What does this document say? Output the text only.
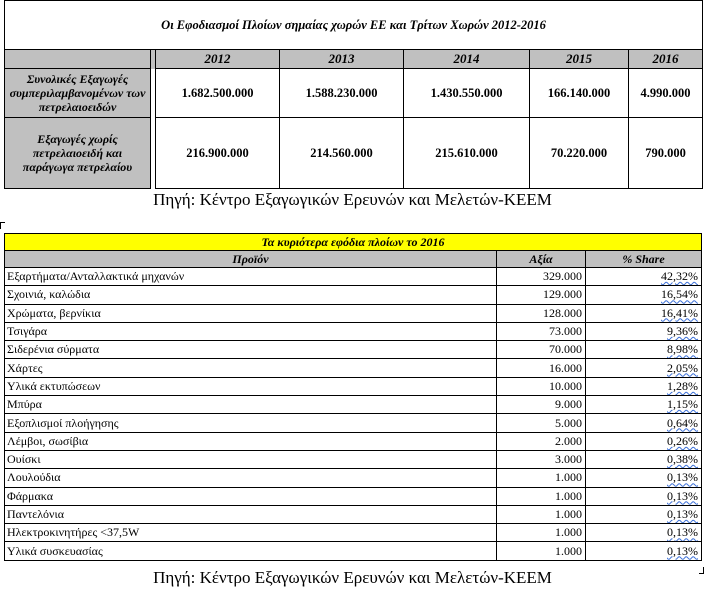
Οι Εφοδιασμοί Πλοίων σημαίας χωρών ΕΕ και Τρίτων Χωρών 2012-2016						
		2012	2013	2014	2015	2016
Συνολικές Εξαγωγές συμπεριλαμβανομένων των πετρελαιοειδών		1.682.500.000	1.588.230.000	1.430.550.000	166.140.000	4.990.000
Εξαγωγές χωρίς πετρελαιοειδή και παράγωγα πετρελαίου		216.900.000	214.560.000	215.610.000	70.220.000	790.000
Πηγή: Κέντρο Εξαγωγικών Ερευνών και Μελετών-ΚΕΕΜ
Τα κυριότερα εφόδια πλοίων το 2016		
Προϊόν	Αξία	% Share
Εξαρτήματα/Ανταλλακτικά μηχανών	329.000	42,32%
Σχοινιά, καλώδια	129.000	16,54%
Χρώματα, βερνίκια	128.000	16,41%
Τσιγάρα	73.000	9,36%
Σιδερένια σύρματα	70.000	8,98%
Χάρτες	16.000	2,05%
Υλικά εκτυπώσεων	10.000	1,28%
Μπύρα	9.000	1,15%
Εξοπλισμοί πλοήγησης	5.000	0,64%
Λέμβοι, σωσίβια	2.000	0,26%
Ουίσκι	3.000	0,38%
Λουλούδια	1.000	0,13%
Φάρμακα	1.000	0,13%
Παντελόνια	1.000	0,13%
Ηλεκτροκινητήρες <37,5W	1.000	0,13%
Υλικά συσκευασίας	1.000	0,13%
Πηγή: Κέντρο Εξαγωγικών Ερευνών και Μελετών-ΚΕΕΜ
